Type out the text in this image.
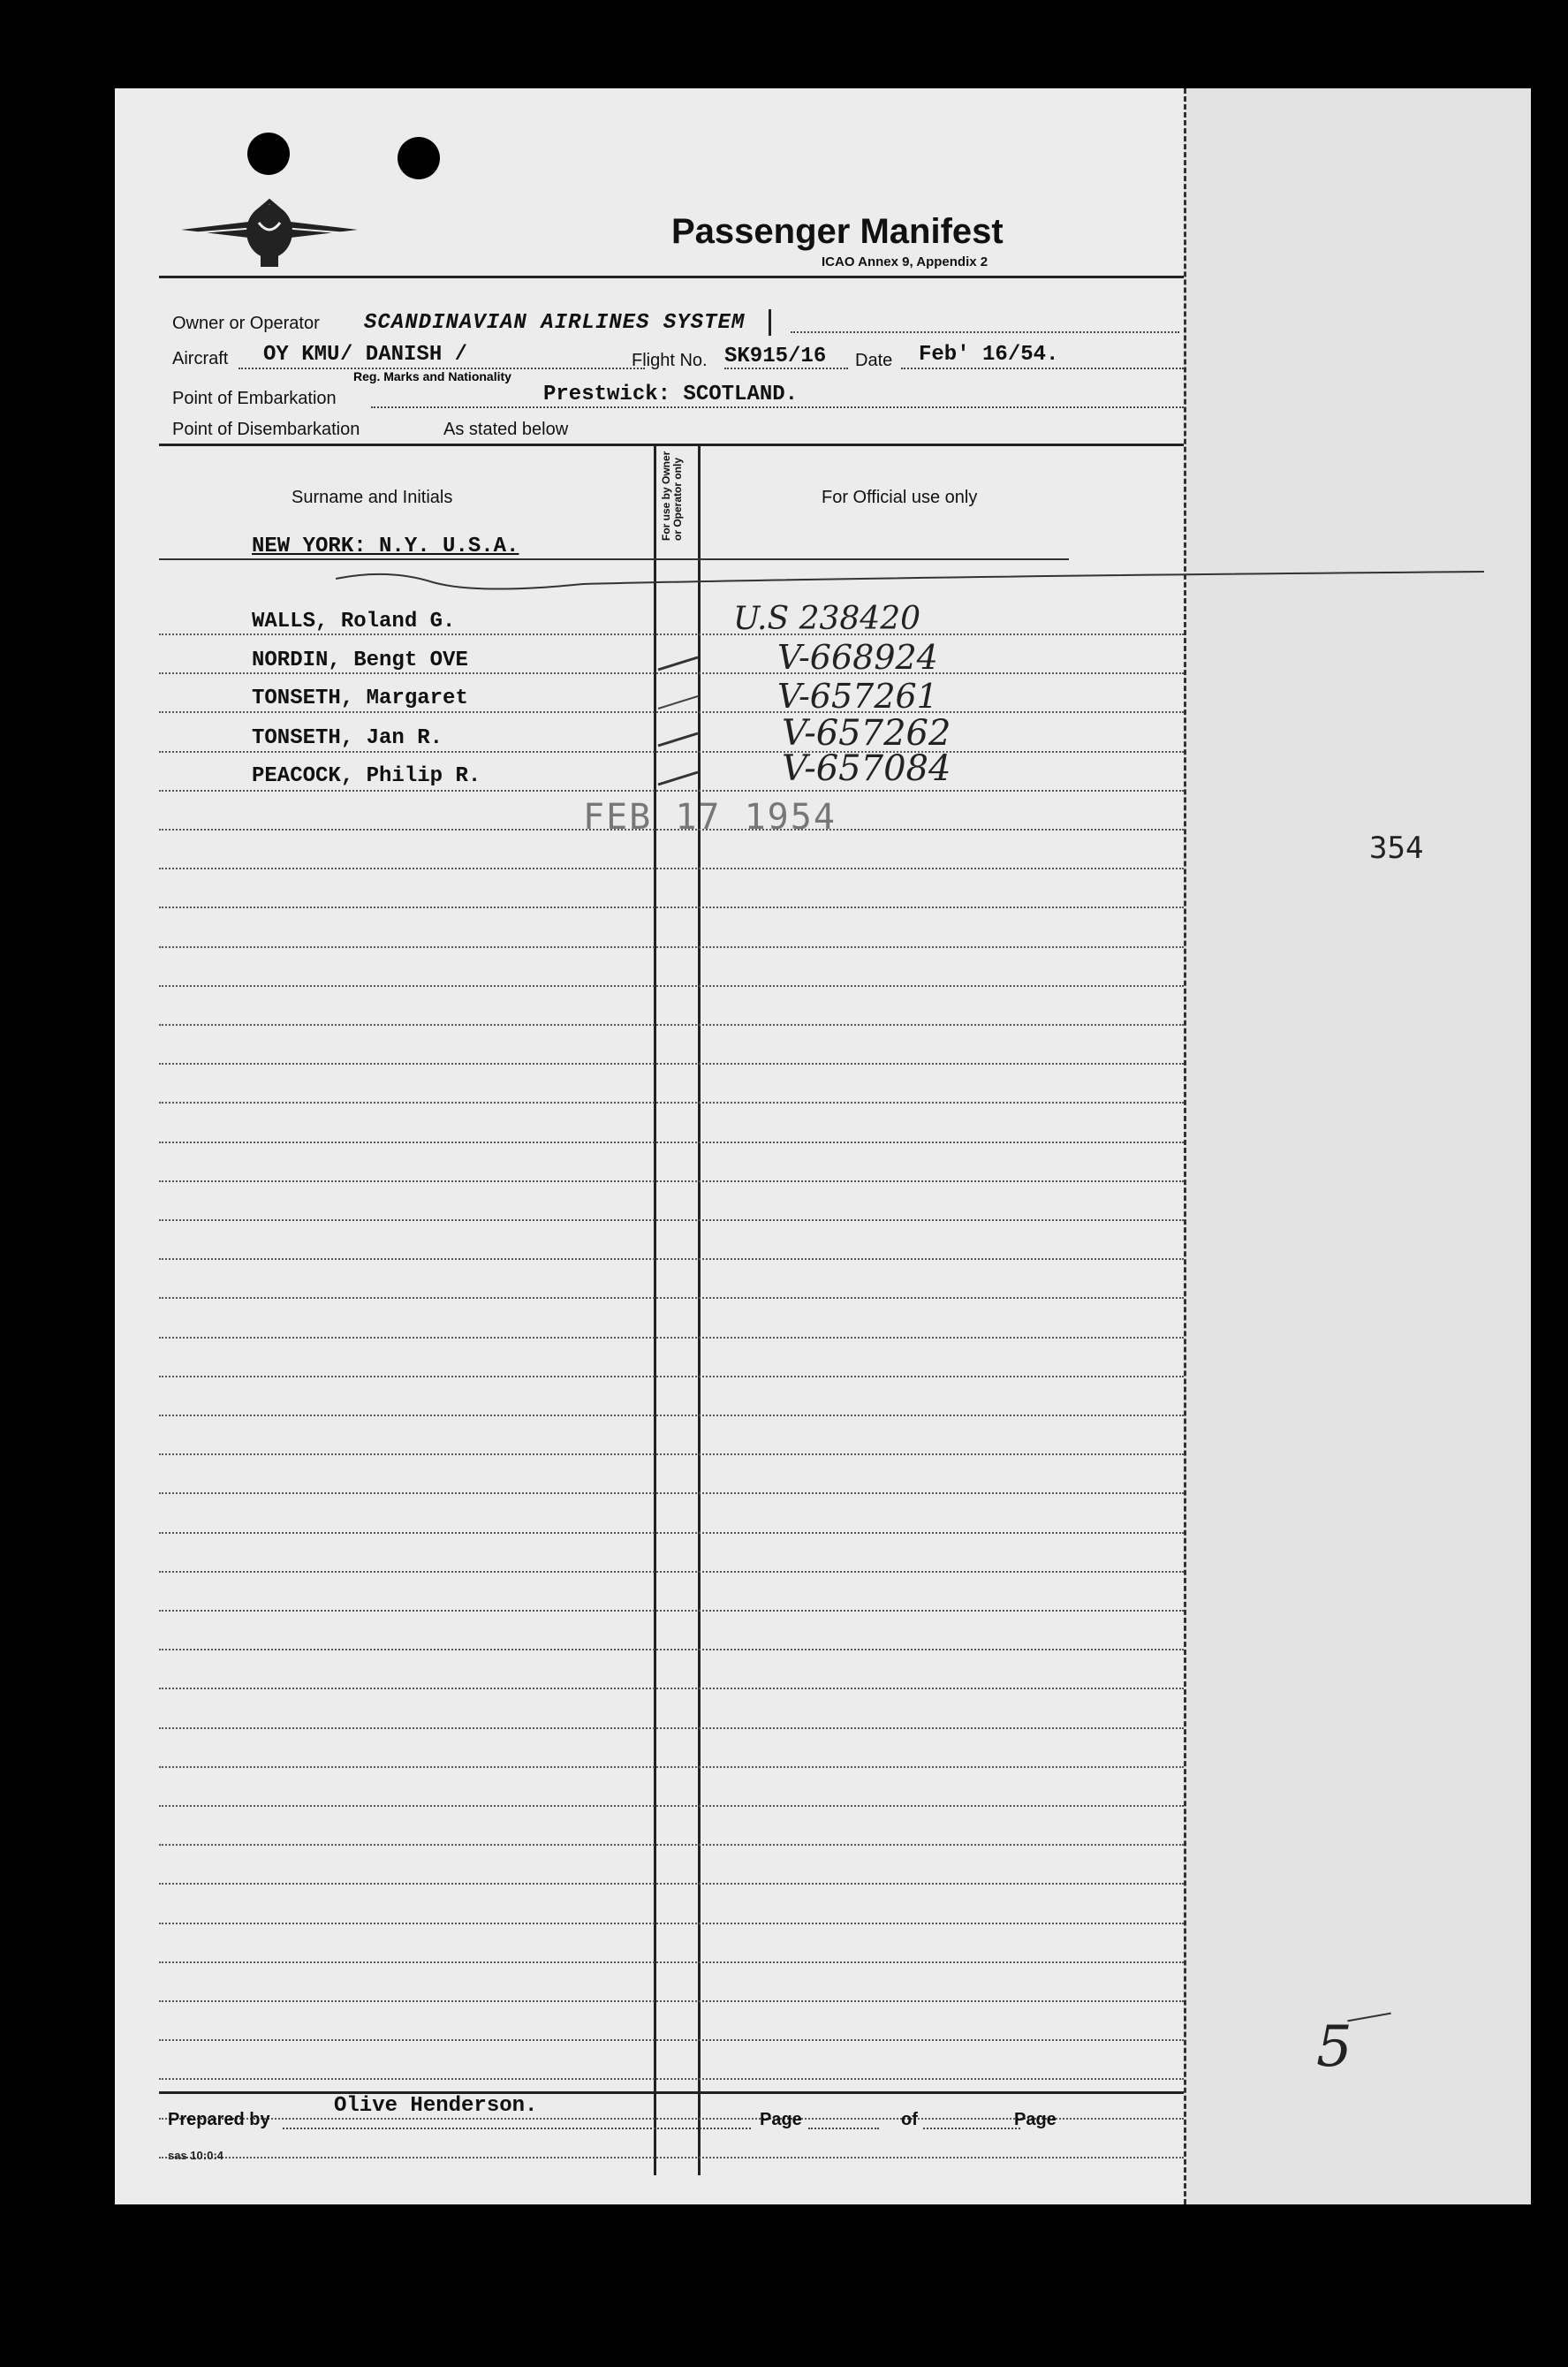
Passenger Manifest
ICAO Annex 9, Appendix 2
Owner or Operator SCANDINAVIAN AIRLINES SYSTEM
Aircraft OY KMU / DANISH /
Reg. Marks and Nationality
Flight No. SK915/16 Date Feb' 16/54.
Point of Embarkation	Prestwick: SCOTLAND.
Point of Disembarkation	As stated below
Surname and Initials	For use by Owner or Operator only	For Official use only
NEW YORK: N.Y. U.S.A.
WALLS, Roland G.	U.S 238420
NORDIN, Bengt OVE	V-668924
TONSETH, Margaret	V-657261
TONSETH, Jan R.	V-657262
PEACOCK, Philip R.	V-657084
FEB 17 1954
354
5
Prepared by
Olive Henderson.
Page	of	Page
sas 10:0:4
